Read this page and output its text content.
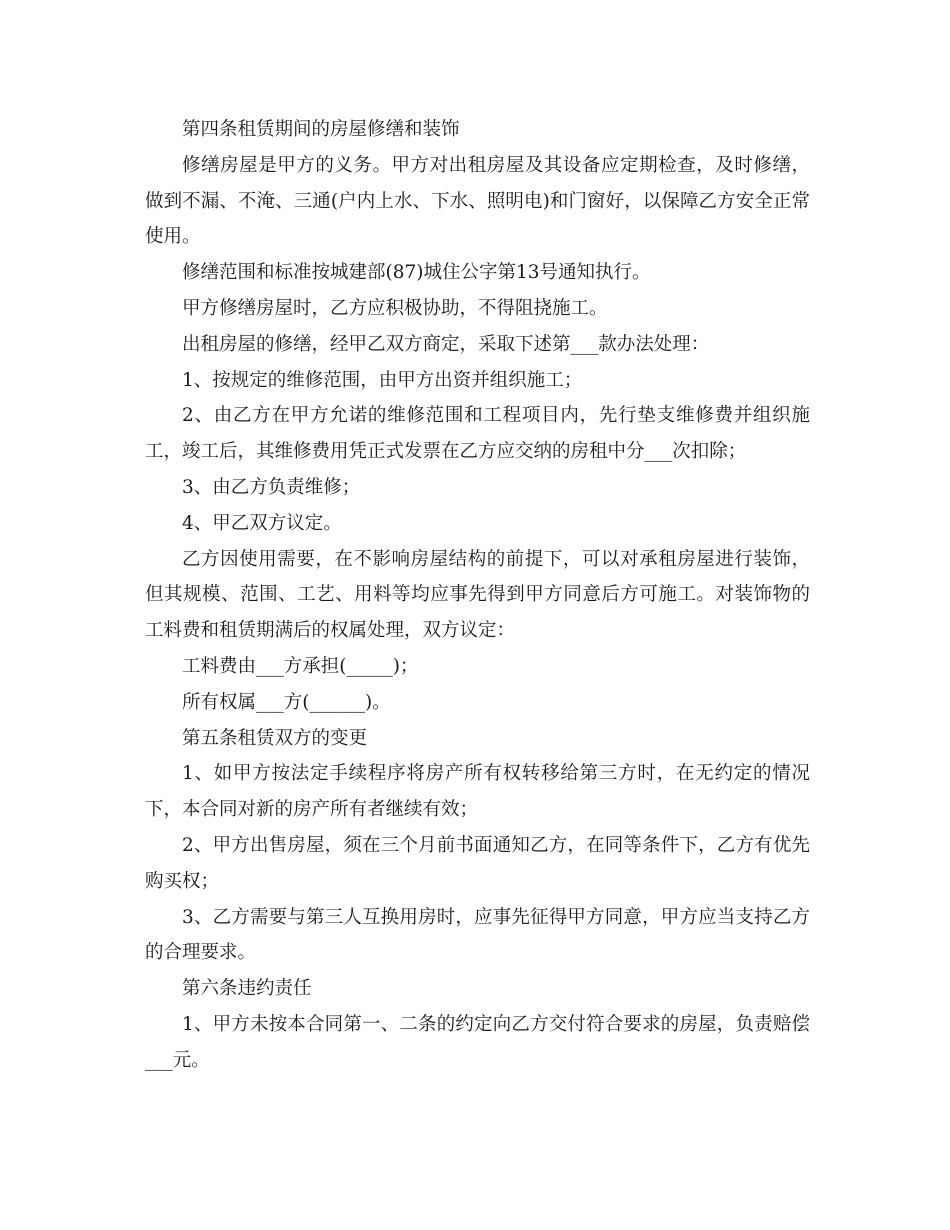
第四条租赁期间的房屋修缮和装饰

修缮房屋是甲方的义务。甲方对出租房屋及其设备应定期检查，及时修缮，做到不漏、不淹、三通(户内上水、下水、照明电)和门窗好，以保障乙方安全正常使用。

修缮范围和标准按城建部(87)城住公字第13号通知执行。

甲方修缮房屋时，乙方应积极协助，不得阻挠施工。

出租房屋的修缮，经甲乙双方商定，采取下述第___款办法处理：

1、按规定的维修范围，由甲方出资并组织施工；

2、由乙方在甲方允诺的维修范围和工程项目内，先行垫支维修费并组织施工，竣工后，其维修费用凭正式发票在乙方应交纳的房租中分___次扣除；

3、由乙方负责维修；

4、甲乙双方议定。

乙方因使用需要，在不影响房屋结构的前提下，可以对承租房屋进行装饰，但其规模、范围、工艺、用料等均应事先得到甲方同意后方可施工。对装饰物的工料费和租赁期满后的权属处理，双方议定：

工料费由___方承担(_____)；

所有权属___方(______)。

第五条租赁双方的变更

1、如甲方按法定手续程序将房产所有权转移给第三方时，在无约定的情况下，本合同对新的房产所有者继续有效；

2、甲方出售房屋，须在三个月前书面通知乙方，在同等条件下，乙方有优先购买权；

3、乙方需要与第三人互换用房时，应事先征得甲方同意，甲方应当支持乙方的合理要求。

第六条违约责任

1、甲方未按本合同第一、二条的约定向乙方交付符合要求的房屋，负责赔偿___元。
